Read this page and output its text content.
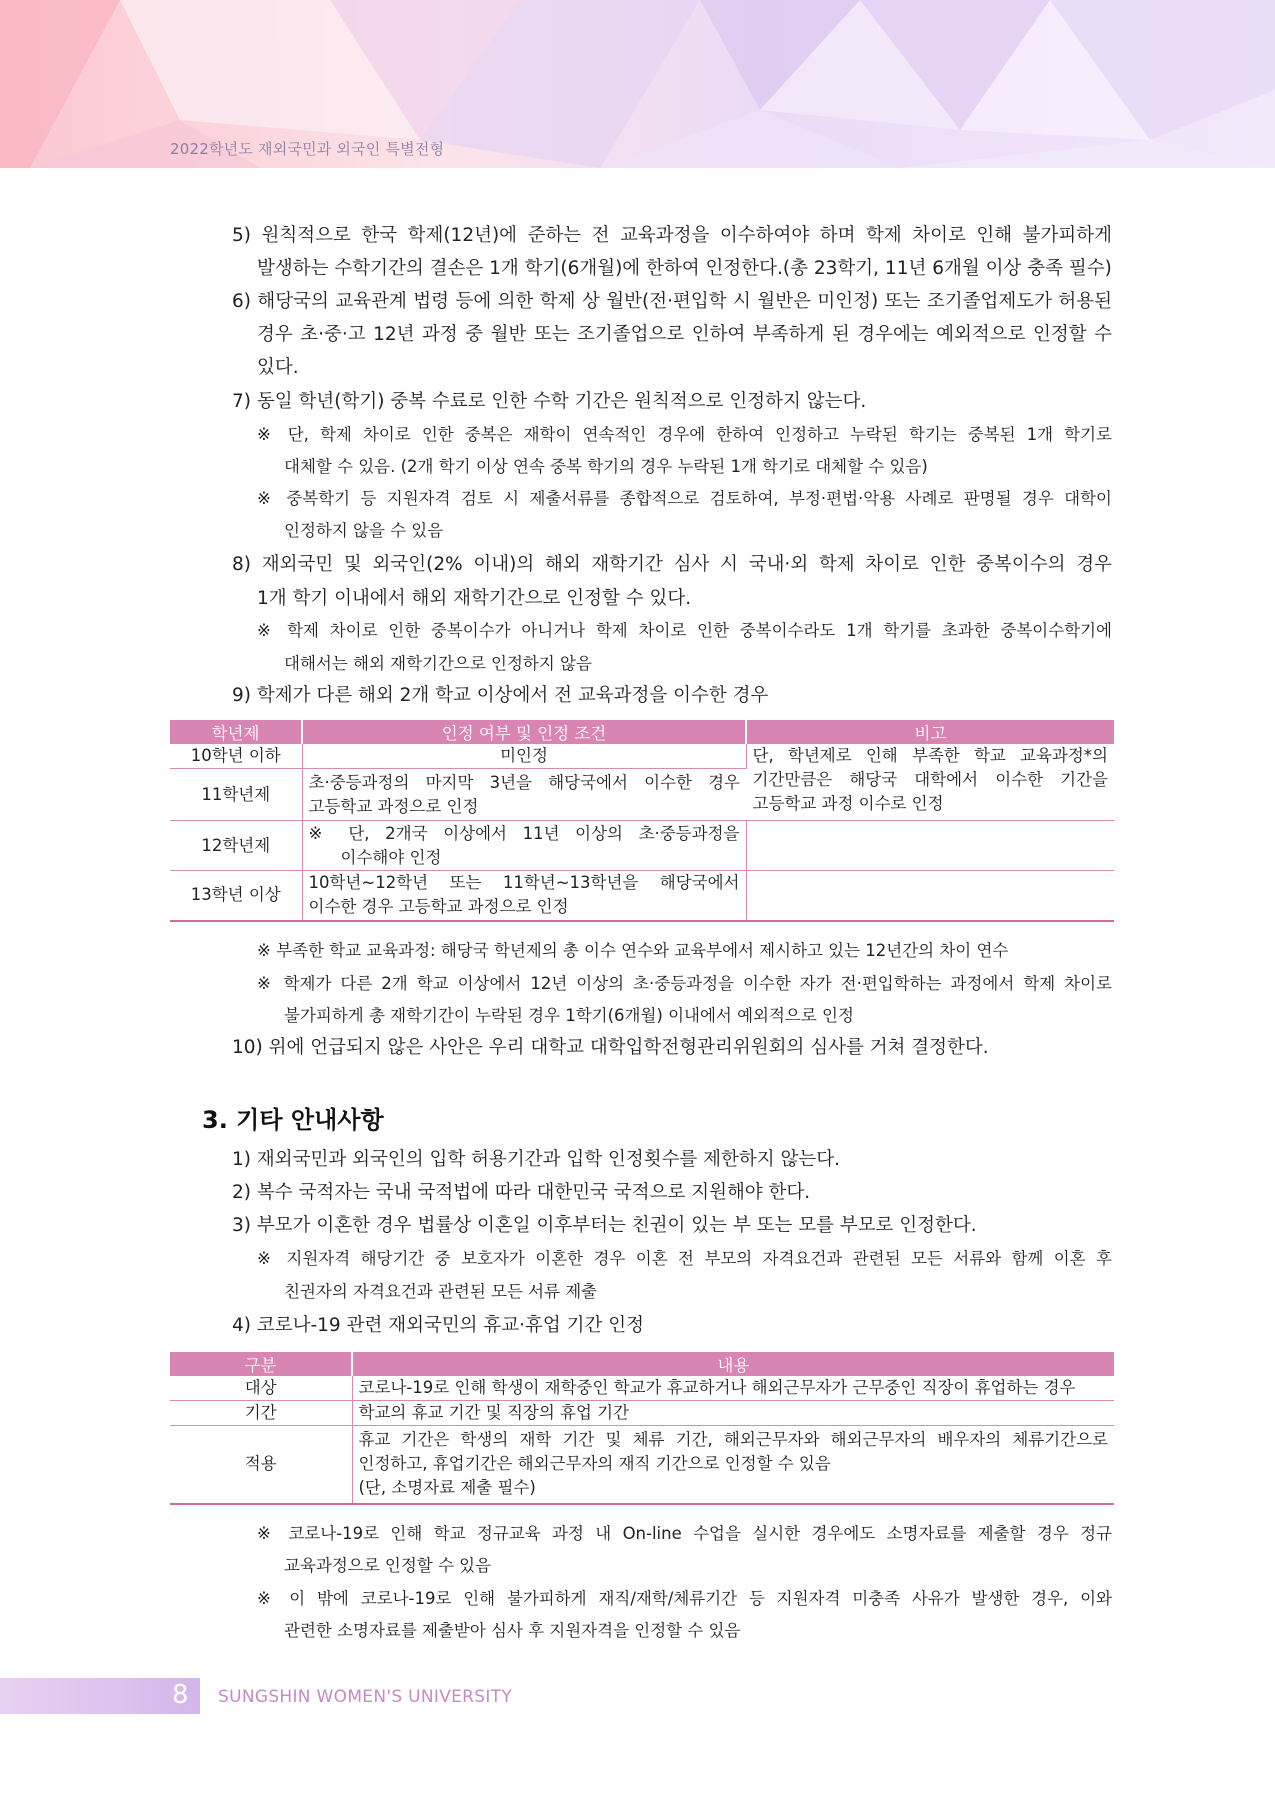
2022학년도 재외국민과 외국인 특별전형
5) 원칙적으로 한국 학제(12년)에 준하는 전 교육과정을 이수하여야 하며 학제 차이로 인해 불가피하게
발생하는 수학기간의 결손은 1개 학기(6개월)에 한하여 인정한다.(총 23학기, 11년 6개월 이상 충족 필수)
6) 해당국의 교육관계 법령 등에 의한 학제 상 월반(전·편입학 시 월반은 미인정) 또는 조기졸업제도가 허용된
경우 초·중·고 12년 과정 중 월반 또는 조기졸업으로 인하여 부족하게 된 경우에는 예외적으로 인정할 수
있다.
7) 동일 학년(학기) 중복 수료로 인한 수학 기간은 원칙적으로 인정하지 않는다.
※ 단, 학제 차이로 인한 중복은 재학이 연속적인 경우에 한하여 인정하고 누락된 학기는 중복된 1개 학기로
대체할 수 있음. (2개 학기 이상 연속 중복 학기의 경우 누락된 1개 학기로 대체할 수 있음)
※ 중복학기 등 지원자격 검토 시 제출서류를 종합적으로 검토하여, 부정·편법·악용 사례로 판명될 경우 대학이
인정하지 않을 수 있음
8) 재외국민 및 외국인(2% 이내)의 해외 재학기간 심사 시 국내·외 학제 차이로 인한 중복이수의 경우
1개 학기 이내에서 해외 재학기간으로 인정할 수 있다.
※ 학제 차이로 인한 중복이수가 아니거나 학제 차이로 인한 중복이수라도 1개 학기를 초과한 중복이수학기에
대해서는 해외 재학기간으로 인정하지 않음
9) 학제가 다른 해외 2개 학교 이상에서 전 교육과정을 이수한 경우
학년제	인정 여부 및 인정 조건	비고
10학년 이하	미인정	단, 학년제로 인해 부족한 학교 교육과정*의
기간만큼은 해당국 대학에서 이수한 기간을
고등학교 과정 이수로 인정

11학년제	초·중등과정의 마지막 3년을 해당국에서 이수한 경우
고등학교 과정으로 인정	

12학년제	※ 단, 2개국 이상에서 11년 이상의 초·중등과정을
이수해야 인정	

13학년 이상	10학년~12학년 또는 11학년~13학년을 해당국에서
이수한 경우 고등학교 과정으로 인정	

※ 부족한 학교 교육과정: 해당국 학년제의 총 이수 연수와 교육부에서 제시하고 있는 12년간의 차이 연수
※ 학제가 다른 2개 학교 이상에서 12년 이상의 초·중등과정을 이수한 자가 전·편입학하는 과정에서 학제 차이로
불가피하게 총 재학기간이 누락된 경우 1학기(6개월) 이내에서 예외적으로 인정
10) 위에 언급되지 않은 사안은 우리 대학교 대학입학전형관리위원회의 심사를 거쳐 결정한다.
3. 기타 안내사항
1) 재외국민과 외국인의 입학 허용기간과 입학 인정횟수를 제한하지 않는다.
2) 복수 국적자는 국내 국적법에 따라 대한민국 국적으로 지원해야 한다.
3) 부모가 이혼한 경우 법률상 이혼일 이후부터는 친권이 있는 부 또는 모를 부모로 인정한다.
※ 지원자격 해당기간 중 보호자가 이혼한 경우 이혼 전 부모의 자격요건과 관련된 모든 서류와 함께 이혼 후
친권자의 자격요건과 관련된 모든 서류 제출
4) 코로나-19 관련 재외국민의 휴교·휴업 기간 인정
구분	내용
대상	코로나-19로 인해 학생이 재학중인 학교가 휴교하거나 해외근무자가 근무중인 직장이 휴업하는 경우
기간	학교의 휴교 기간 및 직장의 휴업 기간
적용	휴교 기간은 학생의 재학 기간 및 체류 기간, 해외근무자와 해외근무자의 배우자의 체류기간으로
인정하고, 휴업기간은 해외근무자의 재직 기간으로 인정할 수 있음
(단, 소명자료 제출 필수)
※ 코로나-19로 인해 학교 정규교육 과정 내 On-line 수업을 실시한 경우에도 소명자료를 제출할 경우 정규
교육과정으로 인정할 수 있음
※ 이 밖에 코로나-19로 인해 불가피하게 재직/재학/체류기간 등 지원자격 미충족 사유가 발생한 경우, 이와
관련한 소명자료를 제출받아 심사 후 지원자격을 인정할 수 있음
8 SUNGSHIN WOMEN'S UNIVERSITY
